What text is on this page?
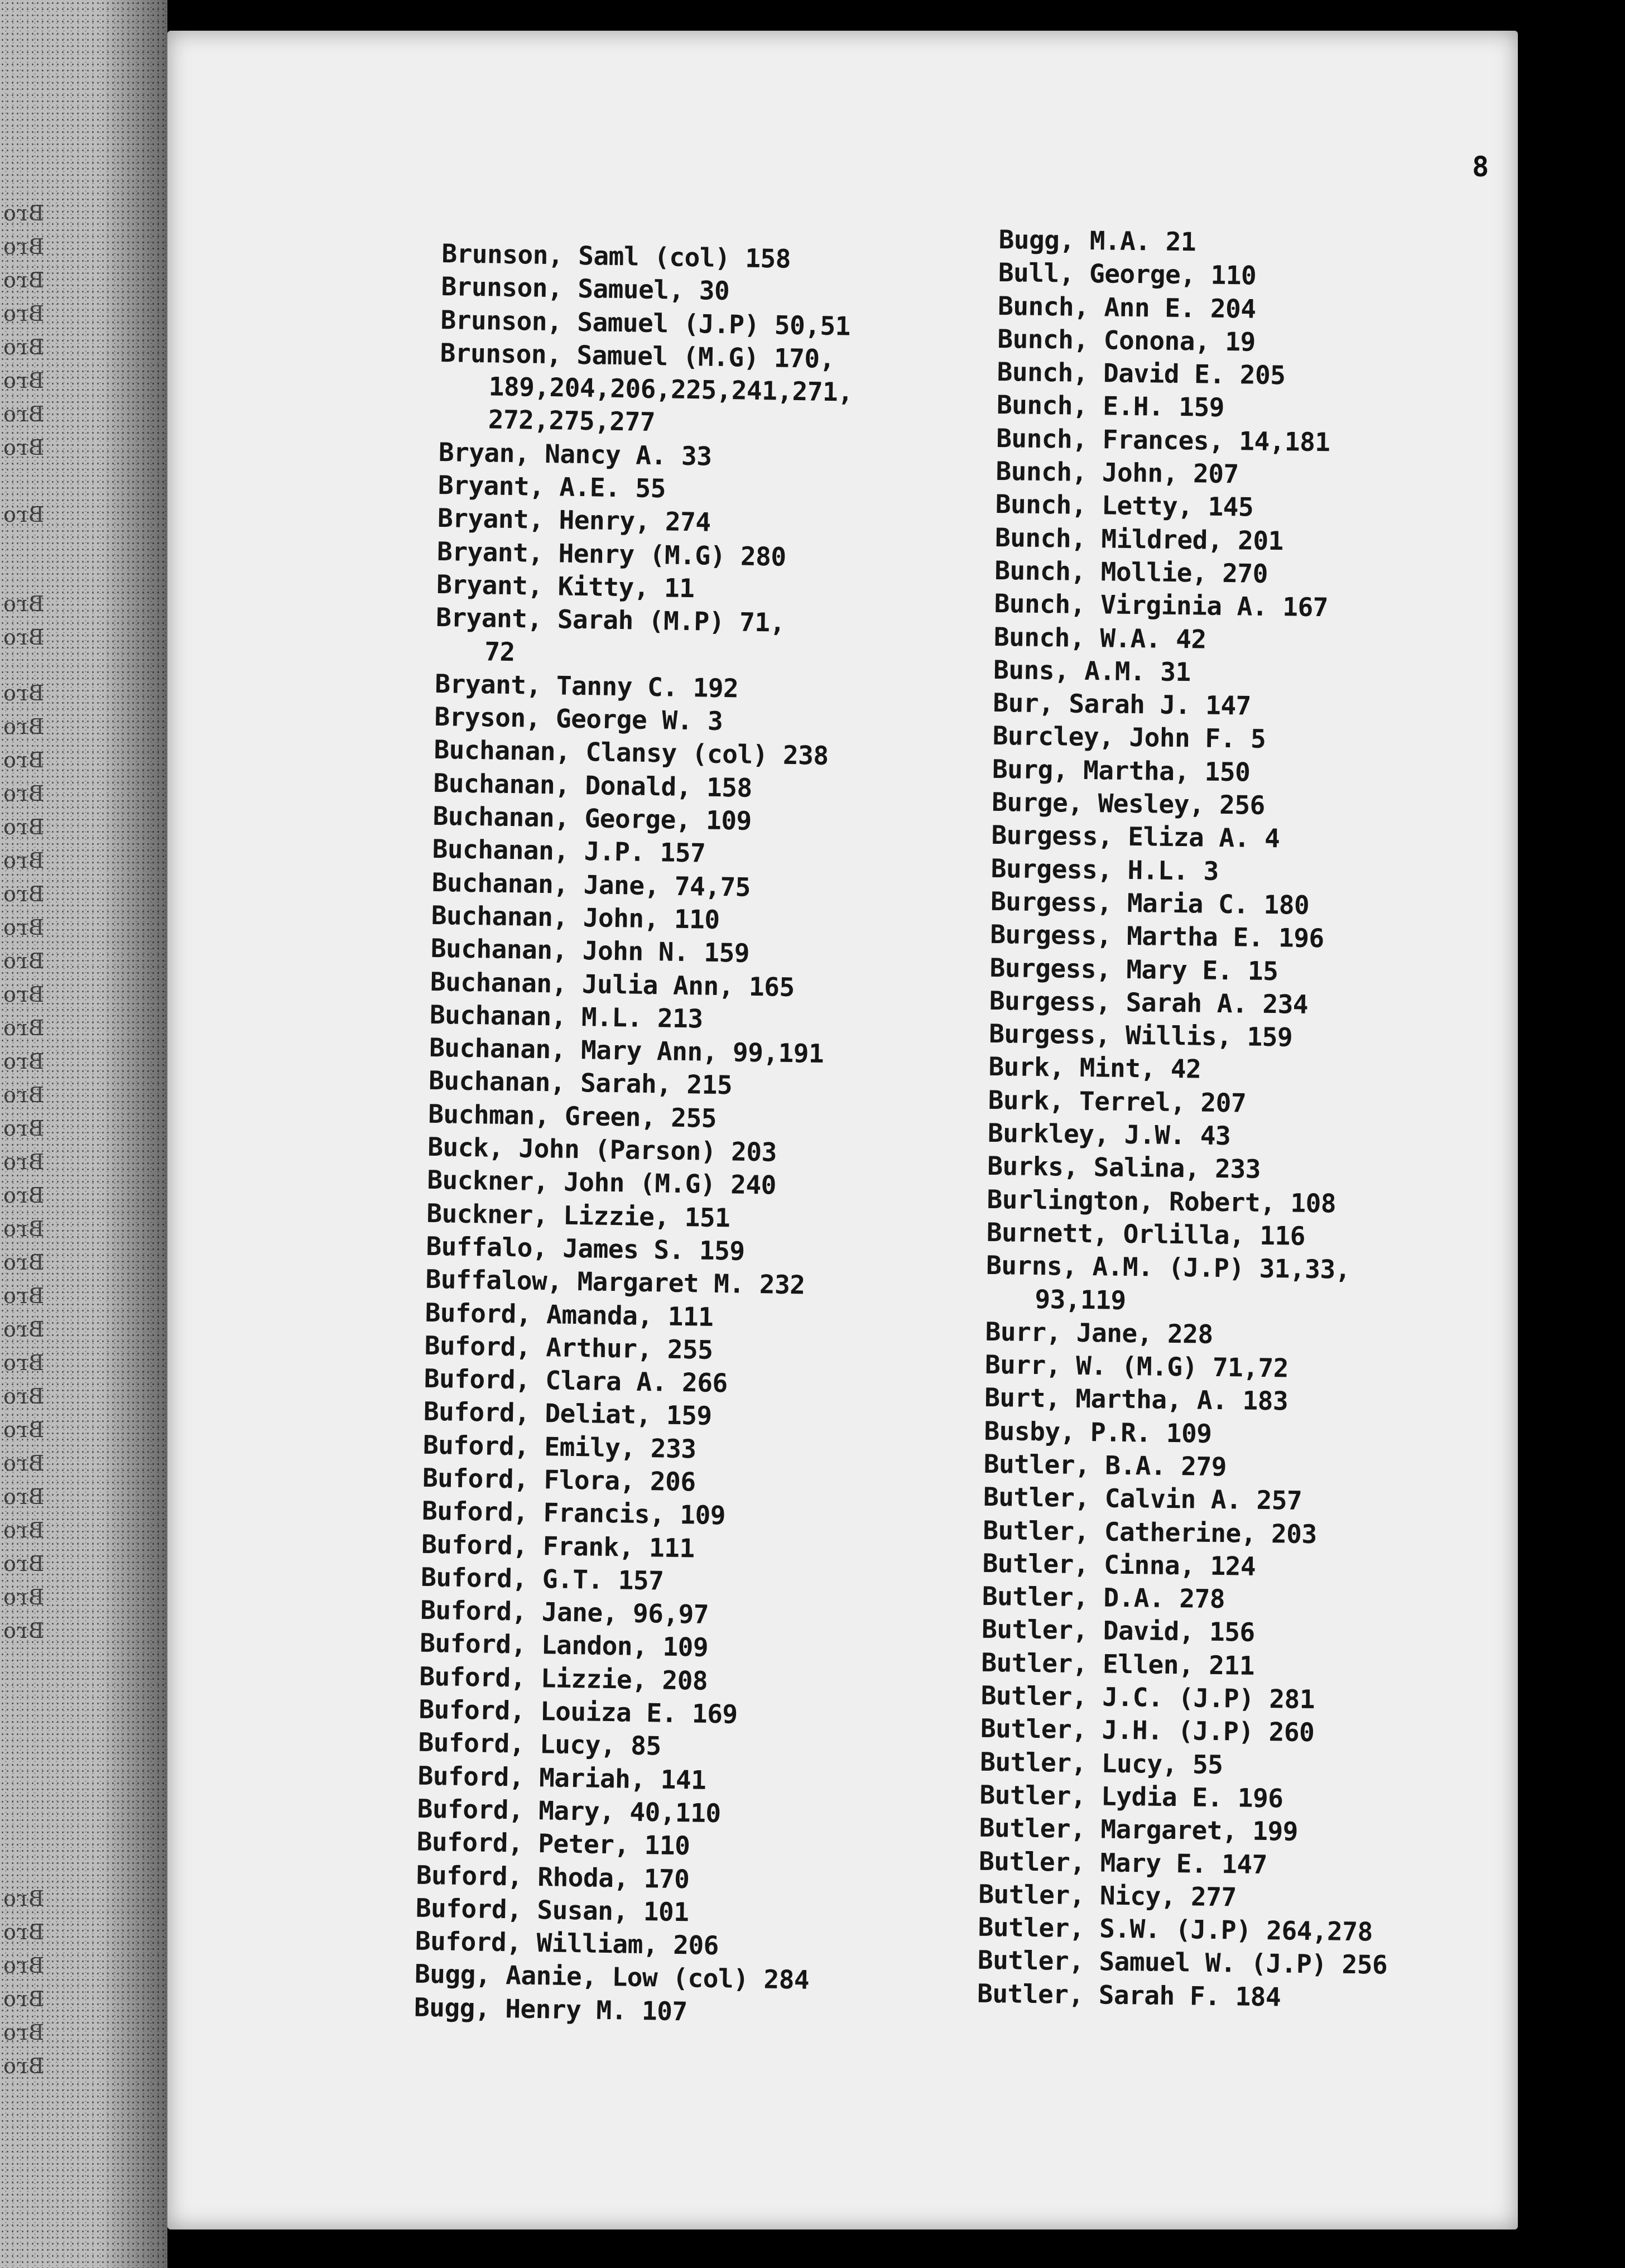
Bro
Bro
Bro
Bro
Bro
Bro
Bro
Bro
Bro
Bro
Bro
Bro
Bro
Bro
Bro
Bro
Bro
Bro
Bro
Bro
Bro
Bro
Bro
Bro
Bro
Bro
Bro
Bro
Bro
Bro
Bro
Bro
Bro
Bro
Bro
Bro
Bro
Bro
Bro
Bro
Bro
Bro
Bro
Bro
Bro
Bro
8
Brunson, Saml (col) 158
Brunson, Samuel, 30
Brunson, Samuel (J.P) 50,51
Brunson, Samuel (M.G) 170,
189,204,206,225,241,271,
272,275,277
Bryan, Nancy A. 33
Bryant, A.E. 55
Bryant, Henry, 274
Bryant, Henry (M.G) 280
Bryant, Kitty, 11
Bryant, Sarah (M.P) 71,
72
Bryant, Tanny C. 192
Bryson, George W. 3
Buchanan, Clansy (col) 238
Buchanan, Donald, 158
Buchanan, George, 109
Buchanan, J.P. 157
Buchanan, Jane, 74,75
Buchanan, John, 110
Buchanan, John N. 159
Buchanan, Julia Ann, 165
Buchanan, M.L. 213
Buchanan, Mary Ann, 99,191
Buchanan, Sarah, 215
Buchman, Green, 255
Buck, John (Parson) 203
Buckner, John (M.G) 240
Buckner, Lizzie, 151
Buffalo, James S. 159
Buffalow, Margaret M. 232
Buford, Amanda, 111
Buford, Arthur, 255
Buford, Clara A. 266
Buford, Deliat, 159
Buford, Emily, 233
Buford, Flora, 206
Buford, Francis, 109
Buford, Frank, 111
Buford, G.T. 157
Buford, Jane, 96,97
Buford, Landon, 109
Buford, Lizzie, 208
Buford, Louiza E. 169
Buford, Lucy, 85
Buford, Mariah, 141
Buford, Mary, 40,110
Buford, Peter, 110
Buford, Rhoda, 170
Buford, Susan, 101
Buford, William, 206
Bugg, Aanie, Low (col) 284
Bugg, Henry M. 107
Bugg, M.A. 21
Bull, George, 110
Bunch, Ann E. 204
Bunch, Conona, 19
Bunch, David E. 205
Bunch, E.H. 159
Bunch, Frances, 14,181
Bunch, John, 207
Bunch, Letty, 145
Bunch, Mildred, 201
Bunch, Mollie, 270
Bunch, Virginia A. 167
Bunch, W.A. 42
Buns, A.M. 31
Bur, Sarah J. 147
Burcley, John F. 5
Burg, Martha, 150
Burge, Wesley, 256
Burgess, Eliza A. 4
Burgess, H.L. 3
Burgess, Maria C. 180
Burgess, Martha E. 196
Burgess, Mary E. 15
Burgess, Sarah A. 234
Burgess, Willis, 159
Burk, Mint, 42
Burk, Terrel, 207
Burkley, J.W. 43
Burks, Salina, 233
Burlington, Robert, 108
Burnett, Orlilla, 116
Burns, A.M. (J.P) 31,33,
93,119
Burr, Jane, 228
Burr, W. (M.G) 71,72
Burt, Martha, A. 183
Busby, P.R. 109
Butler, B.A. 279
Butler, Calvin A. 257
Butler, Catherine, 203
Butler, Cinna, 124
Butler, D.A. 278
Butler, David, 156
Butler, Ellen, 211
Butler, J.C. (J.P) 281
Butler, J.H. (J.P) 260
Butler, Lucy, 55
Butler, Lydia E. 196
Butler, Margaret, 199
Butler, Mary E. 147
Butler, Nicy, 277
Butler, S.W. (J.P) 264,278
Butler, Samuel W. (J.P) 256
Butler, Sarah F. 184
